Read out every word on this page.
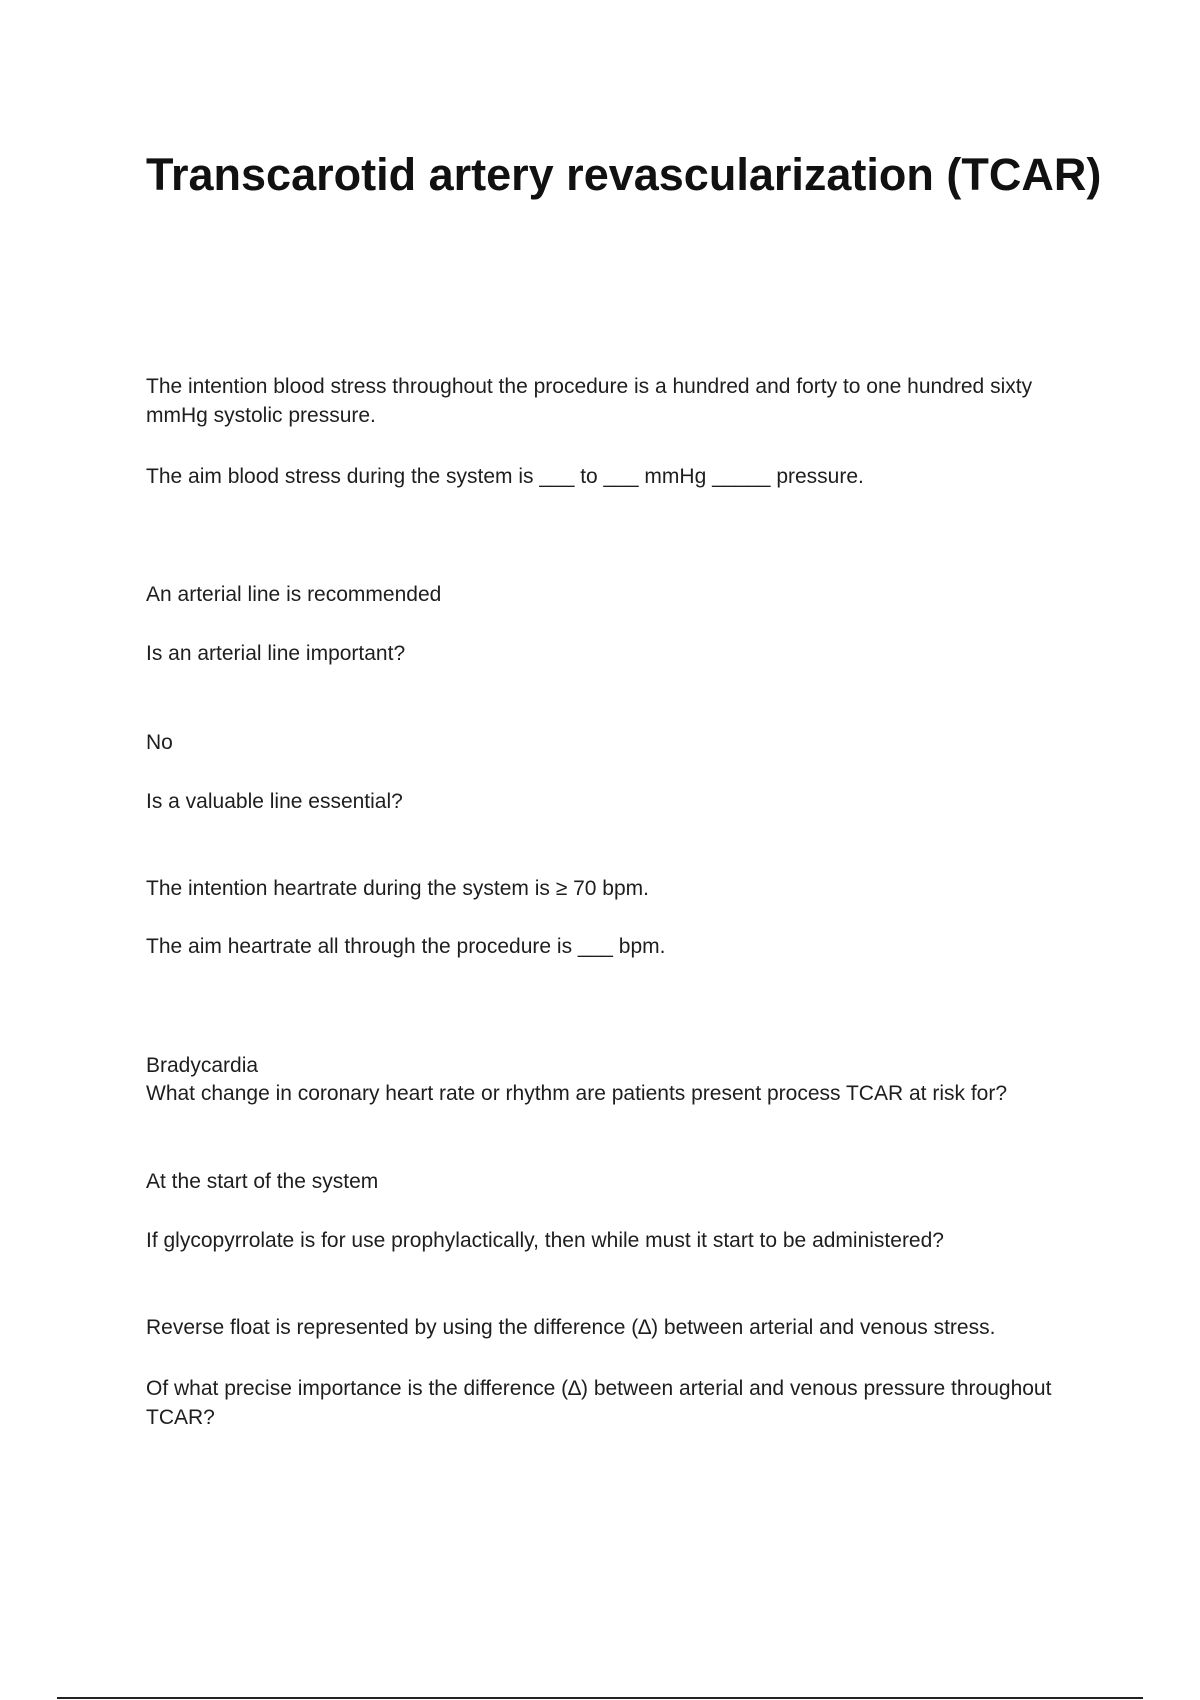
Transcarotid artery revascularization (TCAR)

The intention blood stress throughout the procedure is a hundred and forty to one hundred sixty mmHg systolic pressure.

The aim blood stress during the system is ___ to ___ mmHg _____ pressure.

An arterial line is recommended

Is an arterial line important?

No

Is a valuable line essential?

The intention heartrate during the system is ≥ 70 bpm.

The aim heartrate all through the procedure is ___ bpm.

Bradycardia

What change in coronary heart rate or rhythm are patients present process TCAR at risk for?

At the start of the system

If glycopyrrolate is for use prophylactically, then while must it start to be administered?

Reverse float is represented by using the difference (∆) between arterial and venous stress.

Of what precise importance is the difference (∆) between arterial and venous pressure throughout TCAR?
